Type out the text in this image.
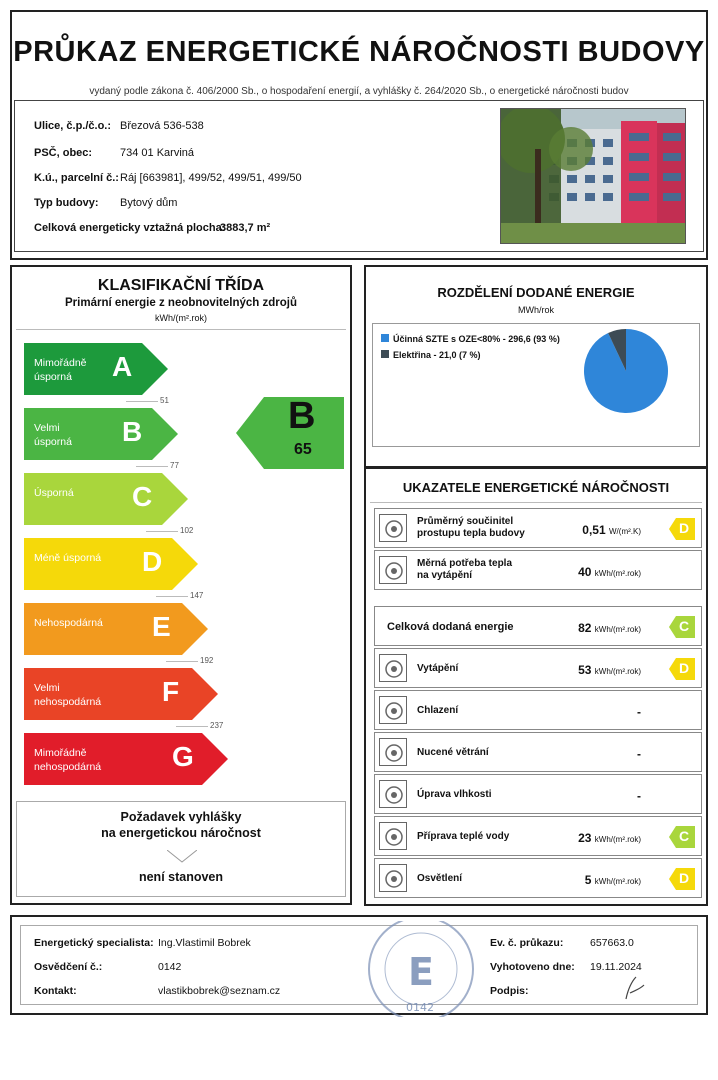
PRŮKAZ ENERGETICKÉ NÁROČNOSTI BUDOVY
vydaný podle zákona č. 406/2000 Sb., o hospodaření energií, a vyhlášky č. 264/2020 Sb., o energetické náročnosti budov
Ulice, č.p./č.o.: Březová 536-538
PSČ, obec:	734 01 Karviná
K.ú., parcelní č.: Ráj [663981], 499/52, 499/51, 499/50
Typ budovy: Bytový dům
Celková energeticky vztažná plocha:
3883,7 m²
KLASIFIKAČNÍ TŘÍDA
Primární energie z neobnovitelných zdrojů
kWh/(m².rok)
Mimořádně
úsporná	A
51
Velmi
úsporná B
77
Úsporná C
102
Méně úsporná D
147
Nehospodárná E
192
Velmi
nehospodárná F
237
Mimořádně
nehospodárná	G
B
65
Požadavek vyhlášky
na energetickou náročnost
není stanoven
ROZDĚLENÍ DODANÉ ENERGIE
MWh/rok
Účinná SZTE s OZE<80% - 296,6 (93 %)
Elektřina - 21,0 (7 %)
UKAZATELE ENERGETICKÉ NÁROČNOSTI
Průměrný součinitel
prostupu tepla budovy	0,51 W/(m².K)	D
Měrná potřeba tepla
na vytápění	40 kWh/(m².rok)
Celková dodaná energie	82 kWh/(m².rok)	C
Vytápění	53 kWh/(m².rok)	D
Chlazení	-
Nucené větrání	-
Úprava vlhkosti	-
Příprava teplé vody	23 kWh/(m².rok)	C
Osvětlení	5 kWh/(m².rok)	D
Energetický specialista: Ing.Vlastimil Bobrek
Osvědčení č.:	0142
Kontakt:	vlastikbobrek@seznam.cz
Ev. č. průkazu:	657663.0
Vyhotoveno dne: 19.11.2024
Podpis:
E
0142
